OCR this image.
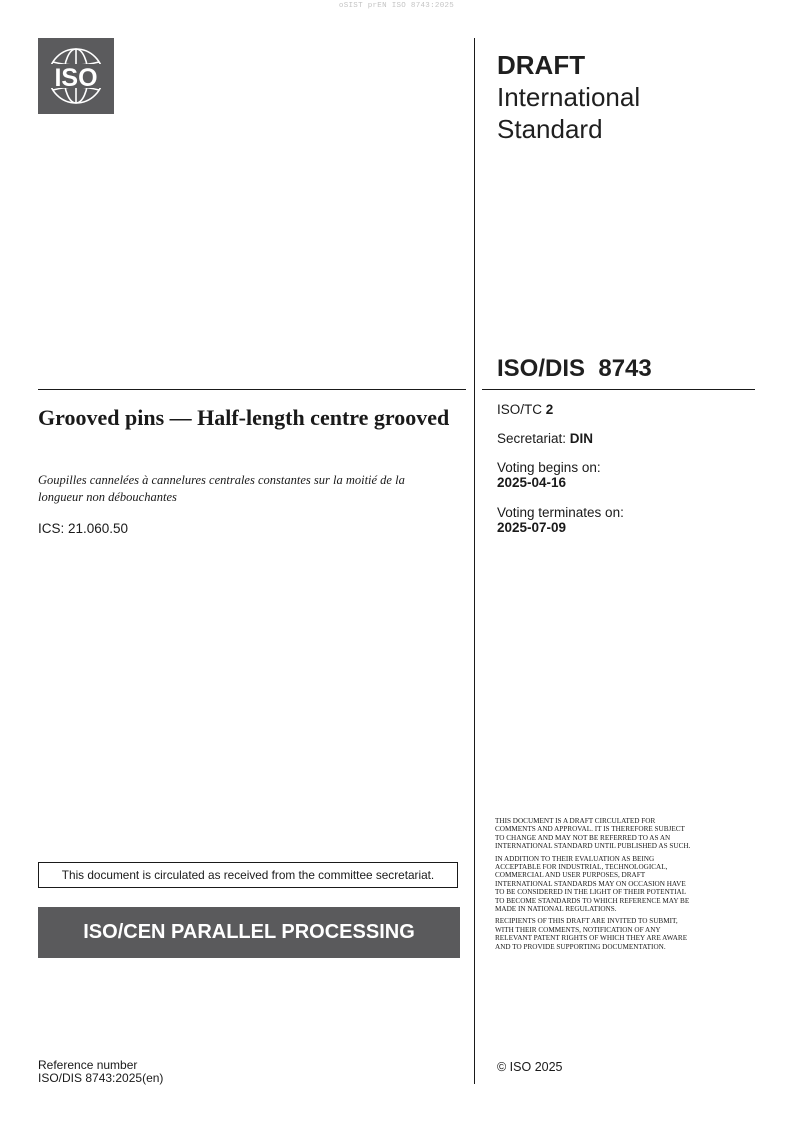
oSIST prEN ISO 8743:2025
ISO	DRAFT
International
Standard
ISO/DIS  8743
Grooved pins — Half-length centre grooved
Goupilles cannelées à cannelures centrales constantes sur la moitié de la longueur non débouchantes
ICS: 21.060.50
ISO/TC 2
Secretariat: DIN
Voting begins on:
2025-04-16
Voting terminates on:
2025-07-09
This document is circulated as received from the committee secretariat.
ISO/CEN PARALLEL PROCESSING

THIS DOCUMENT IS A DRAFT CIRCULATED FOR COMMENTS AND APPROVAL. IT IS THEREFORE SUBJECT TO CHANGE AND MAY NOT BE REFERRED TO AS AN INTERNATIONAL STANDARD UNTIL PUBLISHED AS SUCH.

IN ADDITION TO THEIR EVALUATION AS BEING ACCEPTABLE FOR INDUSTRIAL, TECHNOLOGICAL, COMMERCIAL AND USER PURPOSES, DRAFT INTERNATIONAL STANDARDS MAY ON OCCASION HAVE TO BE CONSIDERED IN THE LIGHT OF THEIR POTENTIAL TO BECOME STANDARDS TO WHICH REFERENCE MAY BE MADE IN NATIONAL REGULATIONS.

RECIPIENTS OF THIS DRAFT ARE INVITED TO SUBMIT, WITH THEIR COMMENTS, NOTIFICATION OF ANY RELEVANT PATENT RIGHTS OF WHICH THEY ARE AWARE AND TO PROVIDE SUPPORTING DOCUMENTATION.

© ISO 2025
Reference number
ISO/DIS 8743:2025(en)
